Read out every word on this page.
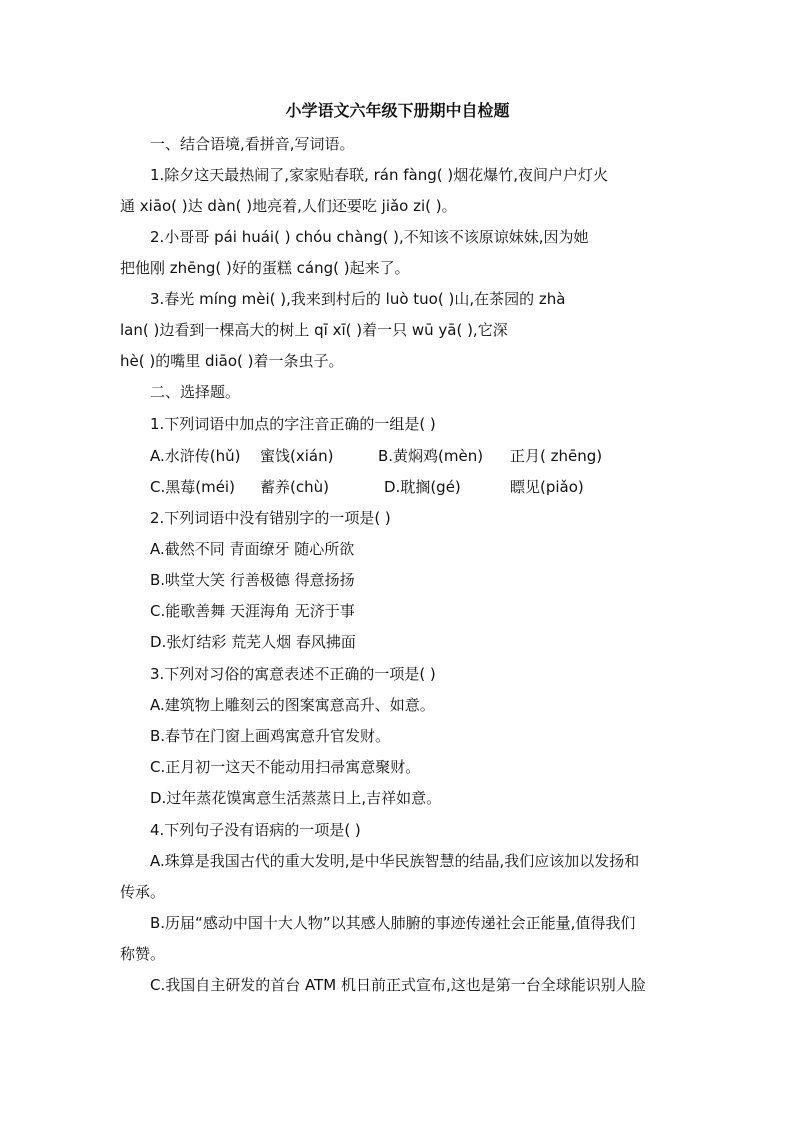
小学语文六年级下册期中自检题
一、结合语境,看拼音,写词语。
1.除夕这天最热闹了,家家贴春联, rán fàng( )烟花爆竹,夜间户户灯火
通 xiāo( )达 dàn( )地亮着,人们还要吃 jiǎo zi( )。
2.小哥哥 pái huái( ) chóu chàng( ),不知该不该原谅妹妹,因为她
把他刚 zhēng( )好的蛋糕 cáng( )起来了。
3.春光 míng mèi( ),我来到村后的 luò tuo( )山,在茶园的 zhà
lan( )边看到一棵高大的树上 qī xī( )着一只 wū yā( ),它深
hè( )的嘴里 diāo( )着一条虫子。
二、选择题。
1.下列词语中加点的字注音正确的一组是( )
A.水浒传(hǔ) 蜜饯(xián)	B.黄焖鸡(mèn) 正月( zhēng)
C.黑莓(méi) 蓄养(chù)	D.耽搁(gé)	瞟见(piǎo)
2.下列词语中没有错别字的一项是( )
A.截然不同 青面缭牙 随心所欲
B.哄堂大笑 行善极德 得意扬扬
C.能歌善舞 天涯海角 无济于事
D.张灯结彩 荒芜人烟 春风拂面
3.下列对习俗的寓意表述不正确的一项是( )
A.建筑物上雕刻云的图案寓意高升、如意。
B.春节在门窗上画鸡寓意升官发财。
C.正月初一这天不能动用扫帚寓意聚财。
D.过年蒸花馍寓意生活蒸蒸日上,吉祥如意。
4.下列句子没有语病的一项是( )
A.珠算是我国古代的重大发明,是中华民族智慧的结晶,我们应该加以发扬和
传承。
B.历届“感动中国十大人物”以其感人肺腑的事迹传递社会正能量,值得我们
称赞。
C.我国自主研发的首台 ATM 机日前正式宣布,这也是第一台全球能识别人脸
